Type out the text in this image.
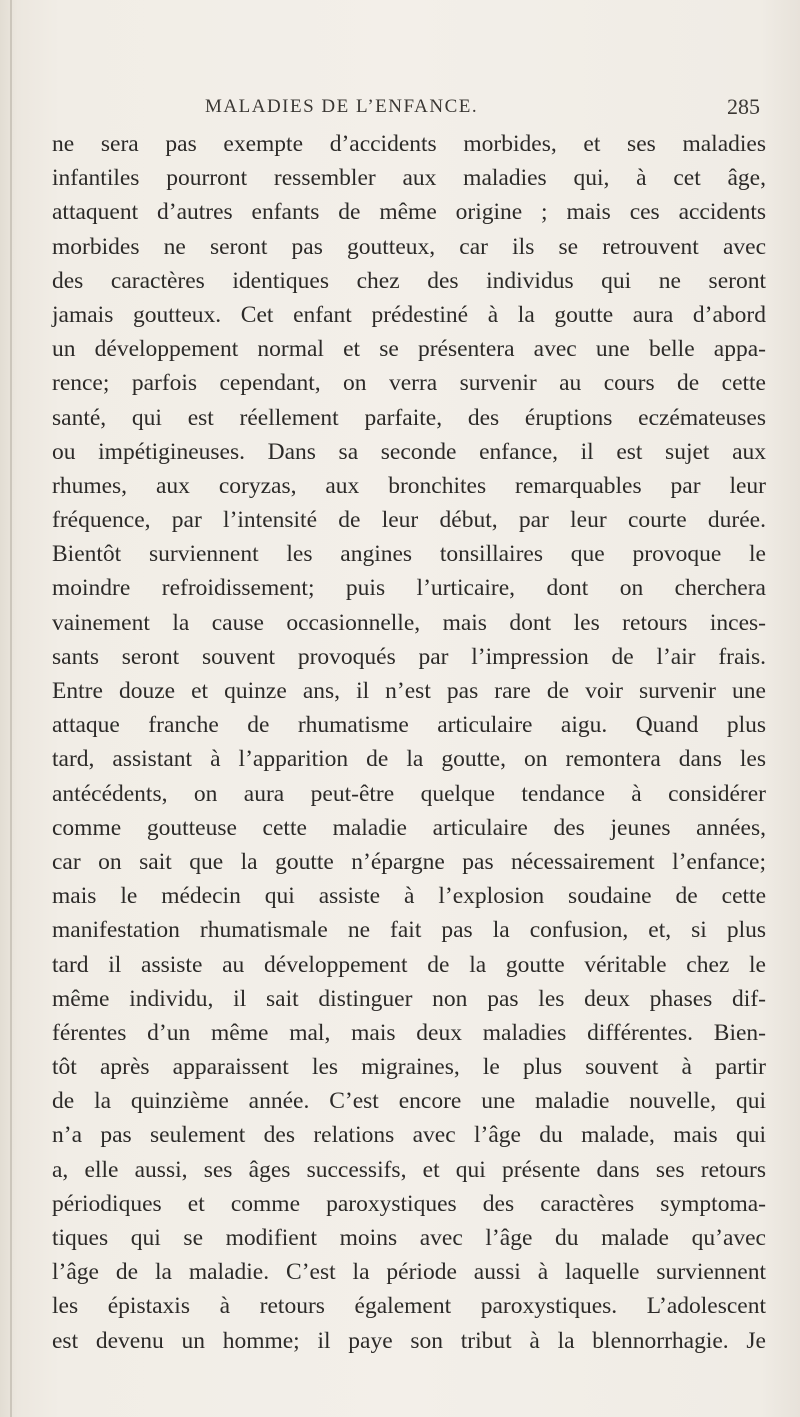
MALADIES DE L’ENFANCE.	285
ne sera pas exempte d’accidents morbides, et ses maladies
infantiles pourront ressembler aux maladies qui, à cet âge,
attaquent d’autres enfants de même origine ; mais ces accidents
morbides ne seront pas goutteux, car ils se retrouvent avec
des caractères identiques chez des individus qui ne seront
jamais goutteux. Cet enfant prédestiné à la goutte aura d’abord
un développement normal et se présentera avec une belle appa-
rence; parfois cependant, on verra survenir au cours de cette
santé, qui est réellement parfaite, des éruptions eczémateuses
ou impétigineuses. Dans sa seconde enfance, il est sujet aux
rhumes, aux coryzas, aux bronchites remarquables par leur
fréquence, par l’intensité de leur début, par leur courte durée.
Bientôt surviennent les angines tonsillaires que provoque le
moindre refroidissement; puis l’urticaire, dont on cherchera
vainement la cause occasionnelle, mais dont les retours inces-
sants seront souvent provoqués par l’impression de l’air frais.
Entre douze et quinze ans, il n’est pas rare de voir survenir une
attaque franche de rhumatisme articulaire aigu. Quand plus
tard, assistant à l’apparition de la goutte, on remontera dans les
antécédents, on aura peut-être quelque tendance à considérer
comme goutteuse cette maladie articulaire des jeunes années,
car on sait que la goutte n’épargne pas nécessairement l’enfance;
mais le médecin qui assiste à l’explosion soudaine de cette
manifestation rhumatismale ne fait pas la confusion, et, si plus
tard il assiste au développement de la goutte véritable chez le
même individu, il sait distinguer non pas les deux phases dif-
férentes d’un même mal, mais deux maladies différentes. Bien-
tôt après apparaissent les migraines, le plus souvent à partir
de la quinzième année. C’est encore une maladie nouvelle, qui
n’a pas seulement des relations avec l’âge du malade, mais qui
a, elle aussi, ses âges successifs, et qui présente dans ses retours
périodiques et comme paroxystiques des caractères symptoma-
tiques qui se modifient moins avec l’âge du malade qu’avec
l’âge de la maladie. C’est la période aussi à laquelle surviennent
les épistaxis à retours également paroxystiques. L’adolescent
est devenu un homme; il paye son tribut à la blennorrhagie. Je
